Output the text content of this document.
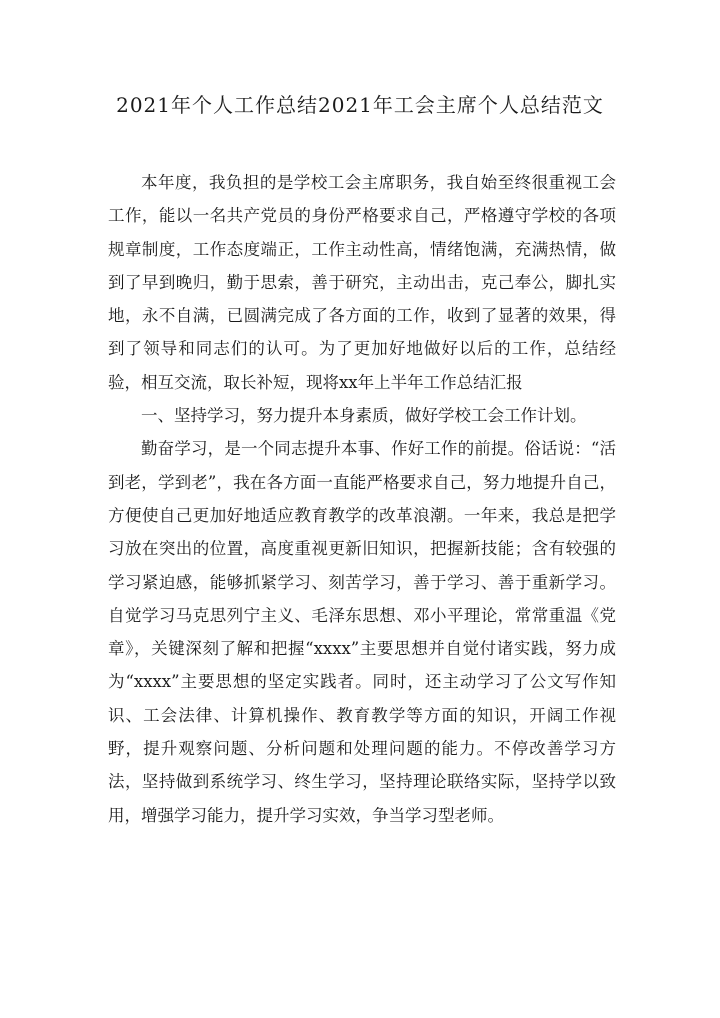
2021年个人工作总结2021年工会主席个人总结范文

本年度，我负担的是学校工会主席职务，我自始至终很重视工会工作，能以一名共产党员的身份严格要求自己，严格遵守学校的各项规章制度，工作态度端正，工作主动性高，情绪饱满，充满热情，做到了早到晚归，勤于思索，善于研究，主动出击，克己奉公，脚扎实地，永不自满，已圆满完成了各方面的工作，收到了显著的效果，得到了领导和同志们的认可。为了更加好地做好以后的工作，总结经验，相互交流，取长补短，现将xx年上半年工作总结汇报

一、坚持学习，努力提升本身素质，做好学校工会工作计划。

勤奋学习，是一个同志提升本事、作好工作的前提。俗话说：“活到老，学到老”，我在各方面一直能严格要求自己，努力地提升自己，方便使自己更加好地适应教育教学的改革浪潮。一年来，我总是把学习放在突出的位置，高度重视更新旧知识，把握新技能；含有较强的学习紧迫感，能够抓紧学习、刻苦学习，善于学习、善于重新学习。自觉学习马克思列宁主义、毛泽东思想、邓小平理论，常常重温《党章》，关键深刻了解和把握“xxxx”主要思想并自觉付诸实践，努力成为“xxxx”主要思想的坚定实践者。同时，还主动学习了公文写作知识、工会法律、计算机操作、教育教学等方面的知识，开阔工作视野，提升观察问题、分析问题和处理问题的能力。不停改善学习方法，坚持做到系统学习、终生学习，坚持理论联络实际，坚持学以致用，增强学习能力，提升学习实效，争当学习型老师。
